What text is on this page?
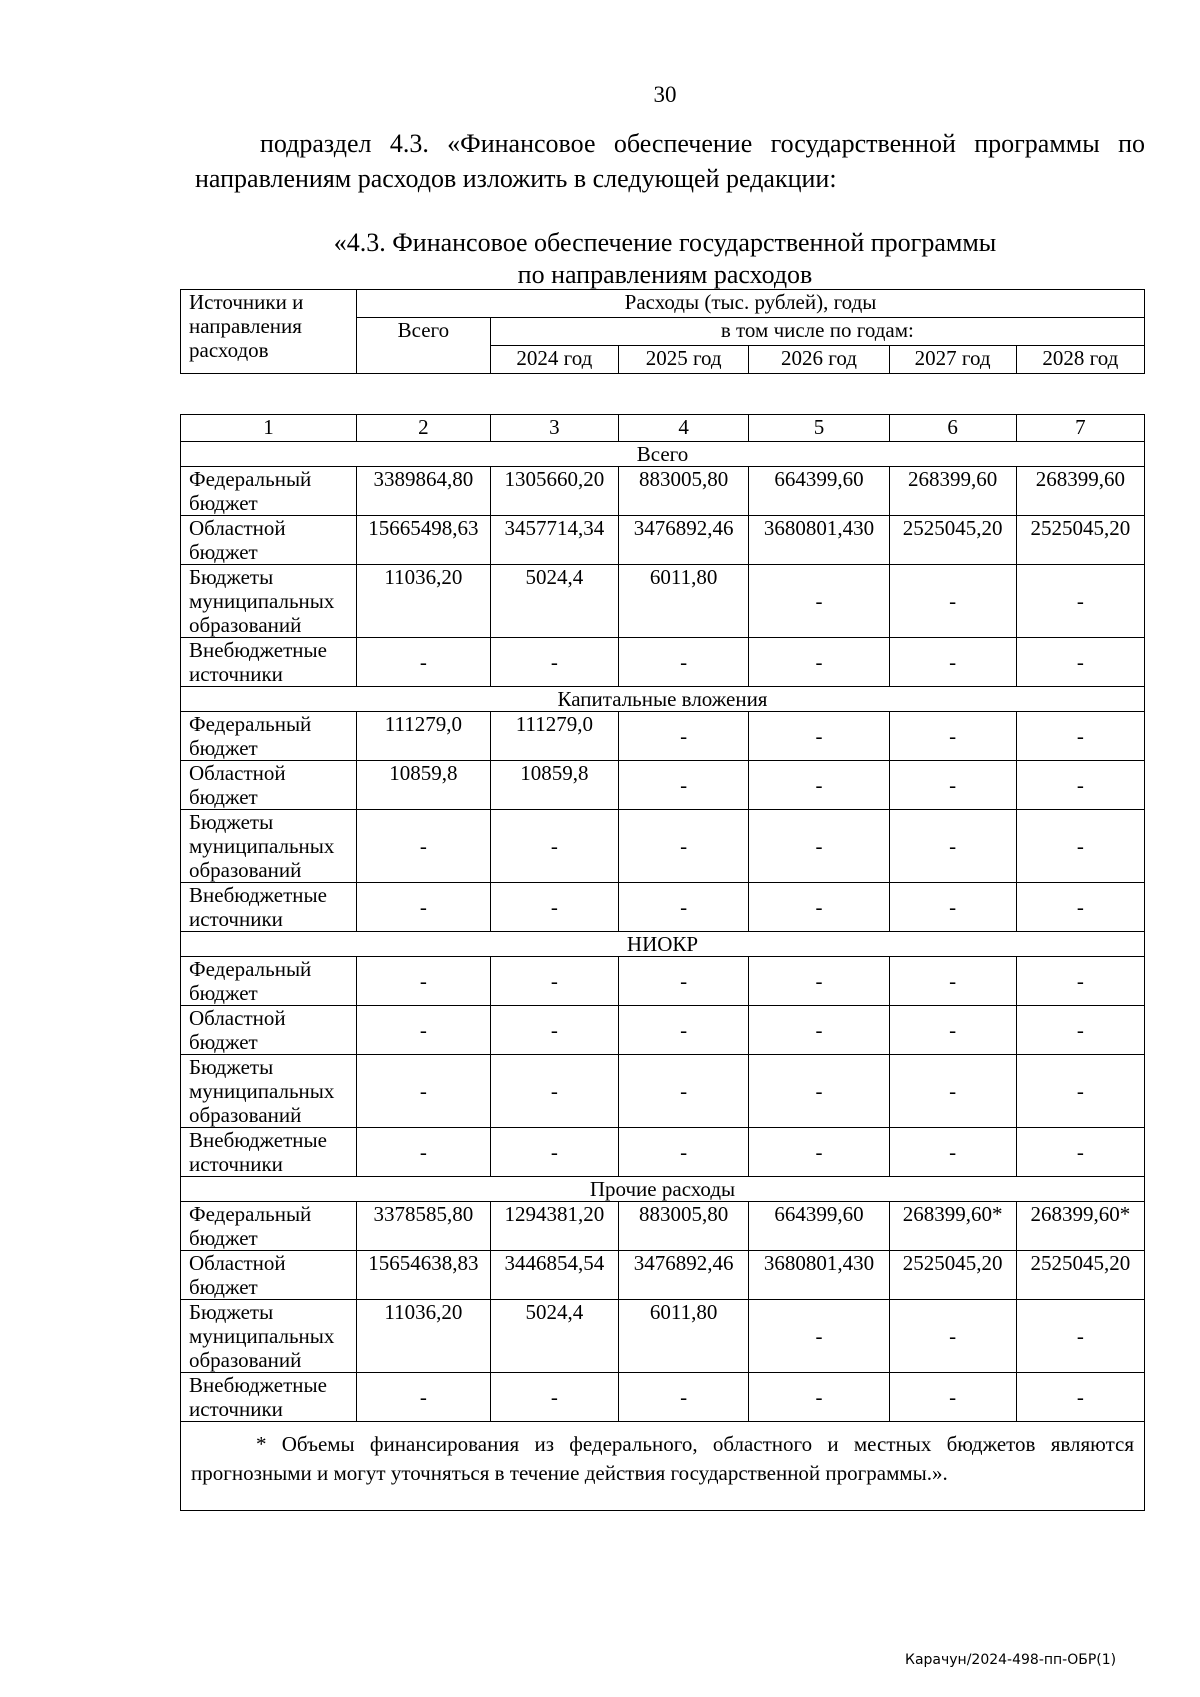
30
подраздел 4.3. «Финансовое обеспечение государственной программы по направлениям расходов изложить в следующей редакции:
«4.3. Финансовое обеспечение государственной программы
по направлениям расходов
Источники и направления расходов	Расходы (тыс. рублей), годы					
	Всего	в том числе по годам:				
		2024 год	2025 год	2026 год	2027 год	2028 год
1	2	3	4	5	6	7
Всего						
Федеральный бюджет	3389864,80	1305660,20	883005,80	664399,60	268399,60	268399,60
Областной бюджет	15665498,63	3457714,34	3476892,46	3680801,430	2525045,20	2525045,20
Бюджеты муниципальных образований	11036,20	5024,4	6011,80	-	-	-
Внебюджетные источники	-	-	-	-	-	-
Капитальные вложения						
Федеральный бюджет	111279,0	111279,0	-	-	-	-
Областной бюджет	10859,8	10859,8	-	-	-	-
Бюджеты муниципальных образований	-	-	-	-	-	-
Внебюджетные источники	-	-	-	-	-	-
НИОКР						
Федеральный бюджет	-	-	-	-	-	-
Областной бюджет	-	-	-	-	-	-
Бюджеты муниципальных образований	-	-	-	-	-	-
Внебюджетные источники	-	-	-	-	-	-
Прочие расходы						
Федеральный бюджет	3378585,80	1294381,20	883005,80	664399,60	268399,60*	268399,60*
Областной бюджет	15654638,83	3446854,54	3476892,46	3680801,430	2525045,20	2525045,20
Бюджеты муниципальных образований	11036,20	5024,4	6011,80	-	-	-
Внебюджетные источники	-	-	-	-	-	-

* Объемы финансирования из федерального, областного и местных бюджетов являются прогнозными и могут уточняться в течение действия государственной программы.».						
Карачун/2024-498-пп-ОБР(1)
